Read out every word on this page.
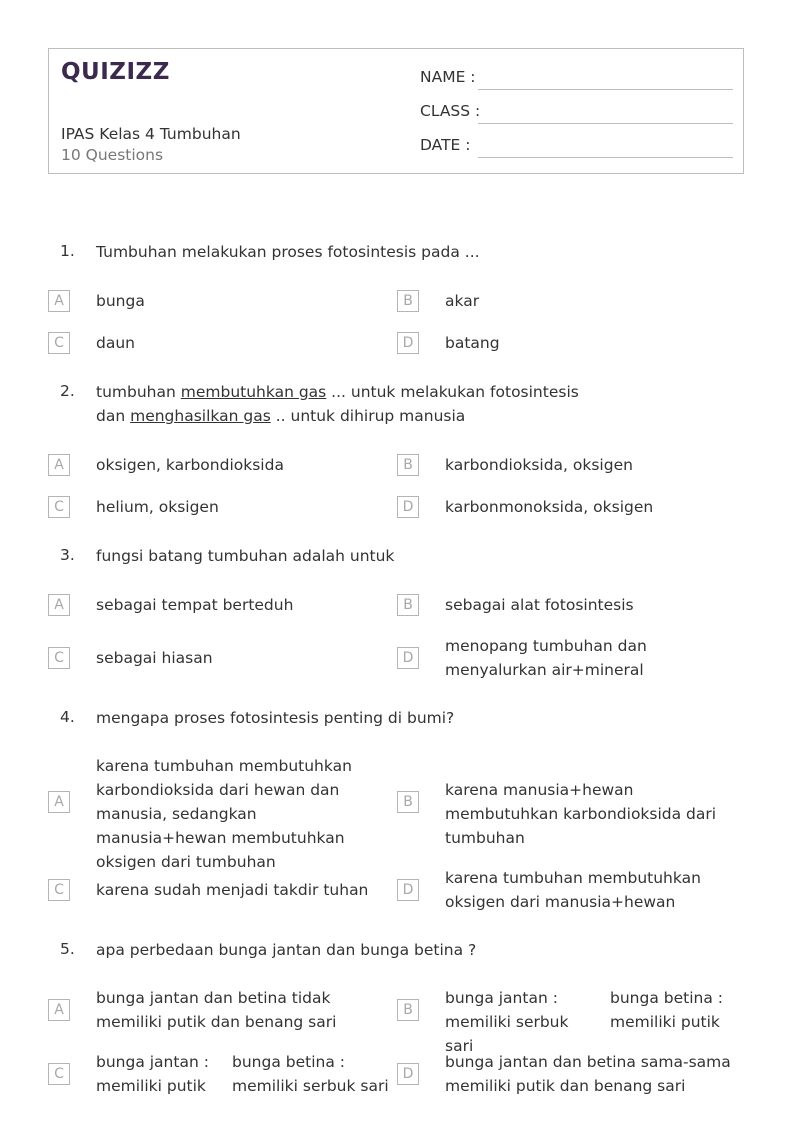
QUIZIZZ
IPAS Kelas 4 Tumbuhan
10 Questions
NAME :
CLASS :
DATE :
1. Tumbuhan melakukan proses fotosintesis pada ...
A	bunga	B	akar
C	daun	D	batang
2. tumbuhan membutuhkan gas ... untuk melakukan fotosintesis
dan menghasilkan gas .. untuk dihirup manusia
A	oksigen, karbondioksida	B	karbondioksida, oksigen
C	helium, oksigen	D	karbonmonoksida, oksigen
3. fungsi batang tumbuhan adalah untuk
A	sebagai tempat berteduh	B	sebagai alat fotosintesis
C	sebagai hiasan	D
menopang tumbuhan dan menyalurkan air+mineral
4. mengapa proses fotosintesis penting di bumi?
A
karena tumbuhan membutuhkan karbondioksida dari hewan dan manusia, sedangkan manusia+hewan membutuhkan oksigen dari tumbuhan
B
karena manusia+hewan membutuhkan karbondioksida dari tumbuhan
C	karena sudah menjadi takdir tuhan	D
karena tumbuhan membutuhkan oksigen dari manusia+hewan
5. apa perbedaan bunga jantan dan bunga betina ?
A
bunga jantan dan betina tidak memiliki putik dan benang sari
B
bunga jantan : memiliki serbuk sari
bunga betina : memiliki putik
C
bunga jantan : memiliki putik
bunga betina : memiliki serbuk sari
D
bunga jantan dan betina sama-sama memiliki putik dan benang sari
